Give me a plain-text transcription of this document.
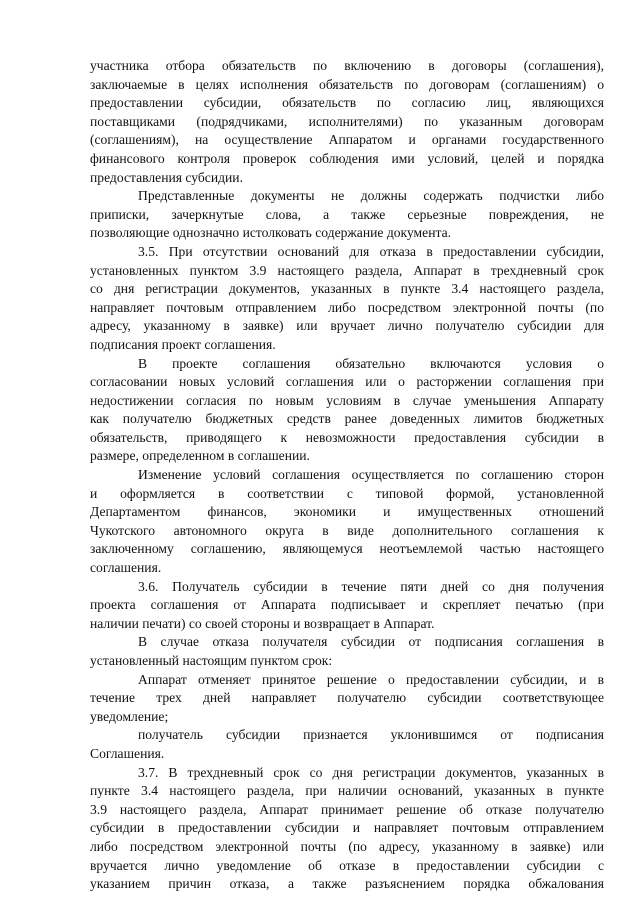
участника отбора обязательств по включению в договоры (соглашения),
заключаемые в целях исполнения обязательств по договорам (соглашениям) о
предоставлении субсидии, обязательств по согласию лиц, являющихся
поставщиками (подрядчиками, исполнителями) по указанным договорам
(соглашениям), на осуществление Аппаратом и органами государственного
финансового контроля проверок соблюдения ими условий, целей и порядка
предоставления субсидии.
Представленные документы не должны содержать подчистки либо
приписки, зачеркнутые слова, а также серьезные повреждения, не
позволяющие однозначно истолковать содержание документа.
3.5. При отсутствии оснований для отказа в предоставлении субсидии,
установленных пунктом 3.9 настоящего раздела, Аппарат в трехдневный срок
со дня регистрации документов, указанных в пункте 3.4 настоящего раздела,
направляет почтовым отправлением либо посредством электронной почты (по
адресу, указанному в заявке) или вручает лично получателю субсидии для
подписания проект соглашения.
В проектe соглашения обязательно включаются условия о
согласовании новых условий соглашения или о расторжении соглашения при
недостижении согласия по новым условиям в случае уменьшения Аппарату
как получателю бюджетных средств ранее доведенных лимитов бюджетных
обязательств, приводящего к невозможности предоставления субсидии в
размере, определенном в соглашении.
Изменение условий соглашения осуществляется по соглашению сторон
и оформляется в соответствии с типовой формой, установленной
Департаментом финансов, экономики и имущественных отношений
Чукотского автономного округа в виде дополнительного соглашения к
заключенному соглашению, являющемуся неотъемлемой частью настоящего
соглашения.
3.6. Получатель субсидии в течение пяти дней со дня получения
проекта соглашения от Аппарата подписывает и скрепляет печатью (при
наличии печати) со своей стороны и возвращает в Аппарат.
В случае отказа получателя субсидии от подписания соглашения в
установленный настоящим пунктом срок:
Аппарат отменяет принятое решение о предоставлении субсидии, и в
течение трех дней направляет получателю субсидии соответствующее
уведомление;
получатель субсидии признается уклонившимся от подписания
Соглашения.
3.7. В трехдневный срок со дня регистрации документов, указанных в
пункте 3.4 настоящего раздела, при наличии оснований, указанных в пункте
3.9 настоящего раздела, Аппарат принимает решение об отказе получателю
субсидии в предоставлении субсидии и направляет почтовым отправлением
либо посредством электронной почты (по адресу, указанному в заявке) или
вручается лично уведомление об отказе в предоставлении субсидии с
указанием причин отказа, а также разъяснением порядка обжалования
